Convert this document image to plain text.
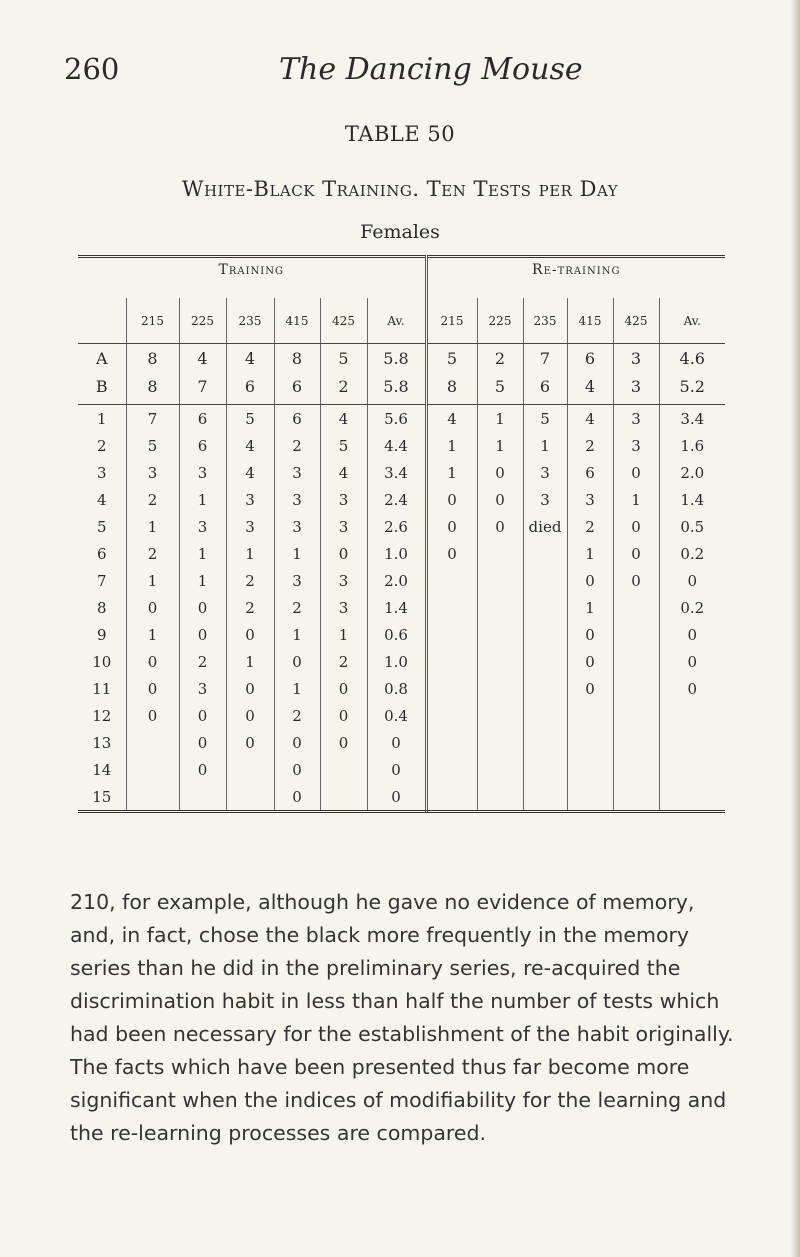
260	The Dancing Mouse
TABLE 50
White-Black Training. Ten Tests per Day
Females
Training							Re-training					
	215	225	235	415	425	Av.	215	225	235	415	425	Av.
A	8	4	4	8	5	5.8	5	2	7	6	3	4.6
B	8	7	6	6	2	5.8	8	5	6	4	3	5.2
1	7	6	5	6	4	5.6	4	1	5	4	3	3.4
2	5	6	4	2	5	4.4	1	1	1	2	3	1.6
3	3	3	4	3	4	3.4	1	0	3	6	0	2.0
4	2	1	3	3	3	2.4	0	0	3	3	1	1.4
5	1	3	3	3	3	2.6	0	0	died	2	0	0.5
6	2	1	1	1	0	1.0	0			1	0	0.2
7	1	1	2	3	3	2.0				0	0	0
8	0	0	2	2	3	1.4				1		0.2
9	1	0	0	1	1	0.6				0		0
10	0	2	1	0	2	1.0				0		0
11	0	3	0	1	0	0.8				0		0
12	0	0	0	2	0	0.4						
13		0	0	0	0	0						
14		0		0		0						
15				0		0						

210, for example, although he gave no evidence of memory, and, in fact, chose the black more frequently in the memory series than he did in the preliminary series, re-acquired the discrimination habit in less than half the number of tests which had been necessary for the establishment of the habit originally.

The facts which have been presented thus far become more significant when the indices of modifiability for the learning and the re-learning processes are compared.
